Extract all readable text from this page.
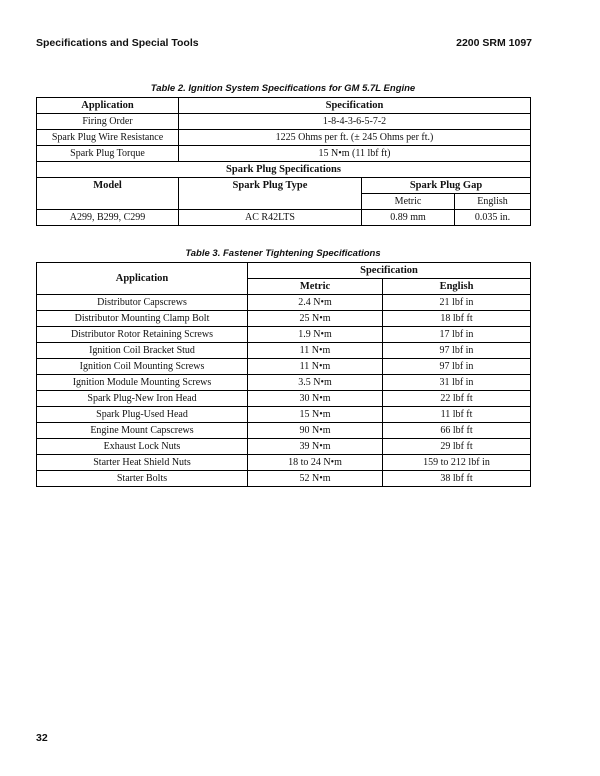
Specifications and Special Tools	2200 SRM 1097
Table 2. Ignition System Specifications for GM 5.7L Engine
Application	Specification		
Firing Order	1-8-4-3-6-5-7-2		
Spark Plug Wire Resistance	1225 Ohms per ft. (± 245 Ohms per ft.)		
Spark Plug Torque	15 N•m (11 lbf ft)		
Spark Plug Specifications			
Model	Spark Plug Type	Spark Plug Gap	
		Metric	English
A299, B299, C299	AC R42LTS	0.89 mm	0.035 in.
Table 3. Fastener Tightening Specifications
Application	Specification	
	Metric	English
Distributor Capscrews	2.4 N•m	21 lbf in
Distributor Mounting Clamp Bolt	25 N•m	18 lbf ft
Distributor Rotor Retaining Screws	1.9 N•m	17 lbf in
Ignition Coil Bracket Stud	11 N•m	97 lbf in
Ignition Coil Mounting Screws	11 N•m	97 lbf in
Ignition Module Mounting Screws	3.5 N•m	31 lbf in
Spark Plug-New Iron Head	30 N•m	22 lbf ft
Spark Plug-Used Head	15 N•m	11 lbf ft
Engine Mount Capscrews	90 N•m	66 lbf ft
Exhaust Lock Nuts	39 N•m	29 lbf ft
Starter Heat Shield Nuts	18 to 24 N•m	159 to 212 lbf in
Starter Bolts	52 N•m	38 lbf ft
32
